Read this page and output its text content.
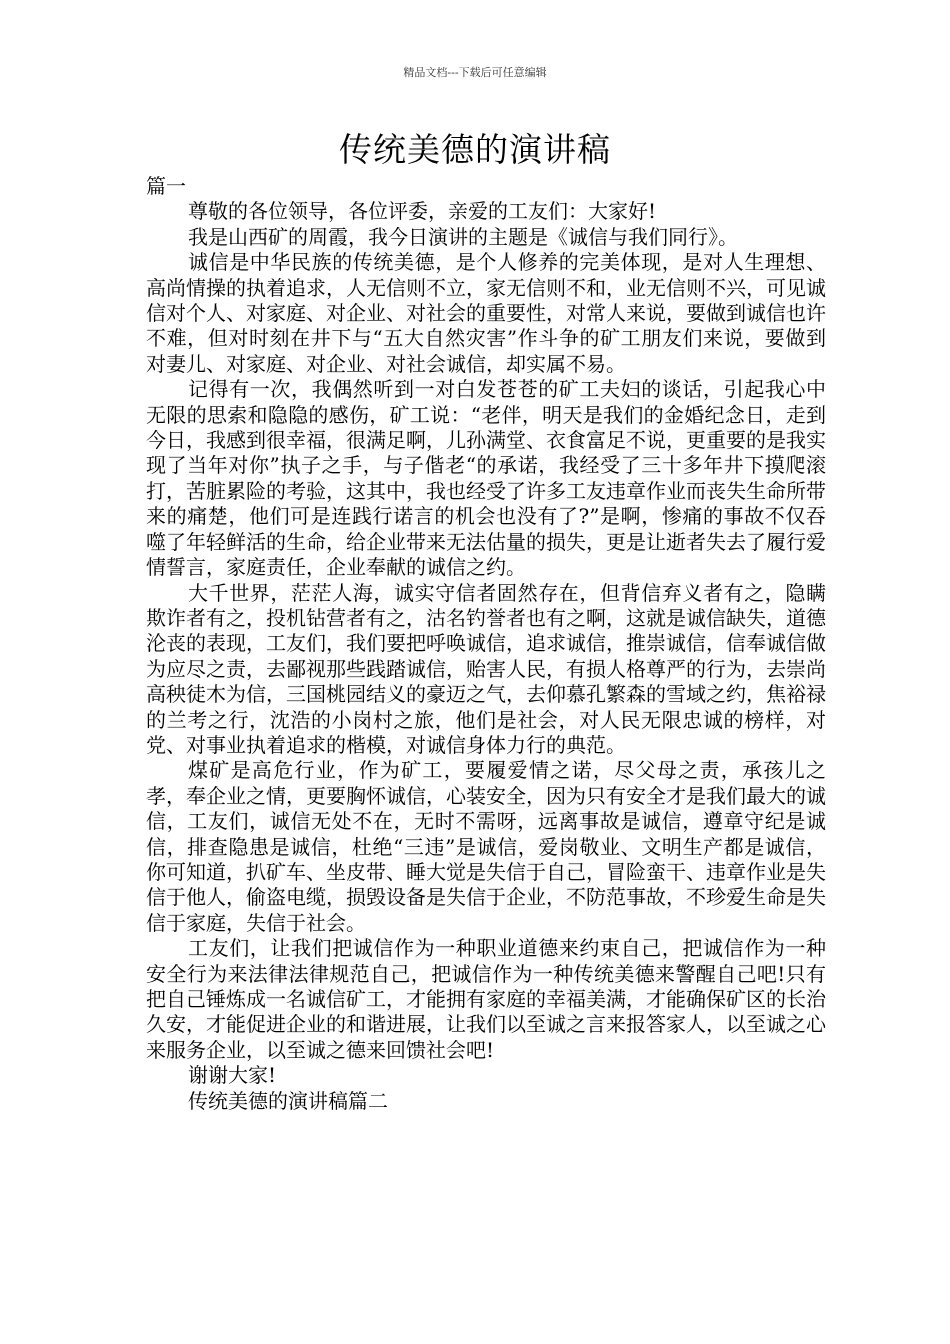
精品文档---下载后可任意编辑
传统美德的演讲稿

篇一

尊敬的各位领导，各位评委，亲爱的工友们：大家好!

我是山西矿的周霞，我今日演讲的主题是《诚信与我们同行》。

诚信是中华民族的传统美德，是个人修养的完美体现，是对人生理想、高尚情操的执着追求，人无信则不立，家无信则不和，业无信则不兴，可见诚信对个人、对家庭、对企业、对社会的重要性，对常人来说，要做到诚信也许不难，但对时刻在井下与“五大自然灾害”作斗争的矿工朋友们来说，要做到对妻儿、对家庭、对企业、对社会诚信，却实属不易。

记得有一次，我偶然听到一对白发苍苍的矿工夫妇的谈话，引起我心中无限的思索和隐隐的感伤，矿工说：“老伴，明天是我们的金婚纪念日，走到今日，我感到很幸福，很满足啊，儿孙满堂、衣食富足不说，更重要的是我实现了当年对你”执子之手，与子偕老“的承诺，我经受了三十多年井下摸爬滚打，苦脏累险的考验，这其中，我也经受了许多工友违章作业而丧失生命所带来的痛楚，他们可是连践行诺言的机会也没有了?”是啊，惨痛的事故不仅吞噬了年轻鲜活的生命，给企业带来无法估量的损失，更是让逝者失去了履行爱情誓言，家庭责任，企业奉献的诚信之约。

大千世界，茫茫人海，诚实守信者固然存在，但背信弃义者有之，隐瞒欺诈者有之，投机钻营者有之，沽名钓誉者也有之啊，这就是诚信缺失，道德沦丧的表现，工友们，我们要把呼唤诚信，追求诚信，推崇诚信，信奉诚信做为应尽之责，去鄙视那些践踏诚信，贻害人民，有损人格尊严的行为，去崇尚高秧徒木为信，三国桃园结义的豪迈之气，去仰慕孔繁森的雪域之约，焦裕禄的兰考之行，沈浩的小岗村之旅，他们是社会，对人民无限忠诚的榜样，对党、对事业执着追求的楷模，对诚信身体力行的典范。

煤矿是高危行业，作为矿工，要履爱情之诺，尽父母之责，承孩儿之孝，奉企业之情，更要胸怀诚信，心装安全，因为只有安全才是我们最大的诚信，工友们，诚信无处不在，无时不需呀，远离事故是诚信，遵章守纪是诚信，排查隐患是诚信，杜绝“三违”是诚信，爱岗敬业、文明生产都是诚信，你可知道，扒矿车、坐皮带、睡大觉是失信于自己，冒险蛮干、违章作业是失信于他人，偷盗电缆，损毁设备是失信于企业，不防范事故，不珍爱生命是失信于家庭，失信于社会。

工友们，让我们把诚信作为一种职业道德来约束自己，把诚信作为一种安全行为来法律法律规范自己，把诚信作为一种传统美德来警醒自己吧!只有把自己锤炼成一名诚信矿工，才能拥有家庭的幸福美满，才能确保矿区的长治久安，才能促进企业的和谐进展，让我们以至诚之言来报答家人，以至诚之心来服务企业，以至诚之德来回馈社会吧!

谢谢大家!

传统美德的演讲稿篇二
